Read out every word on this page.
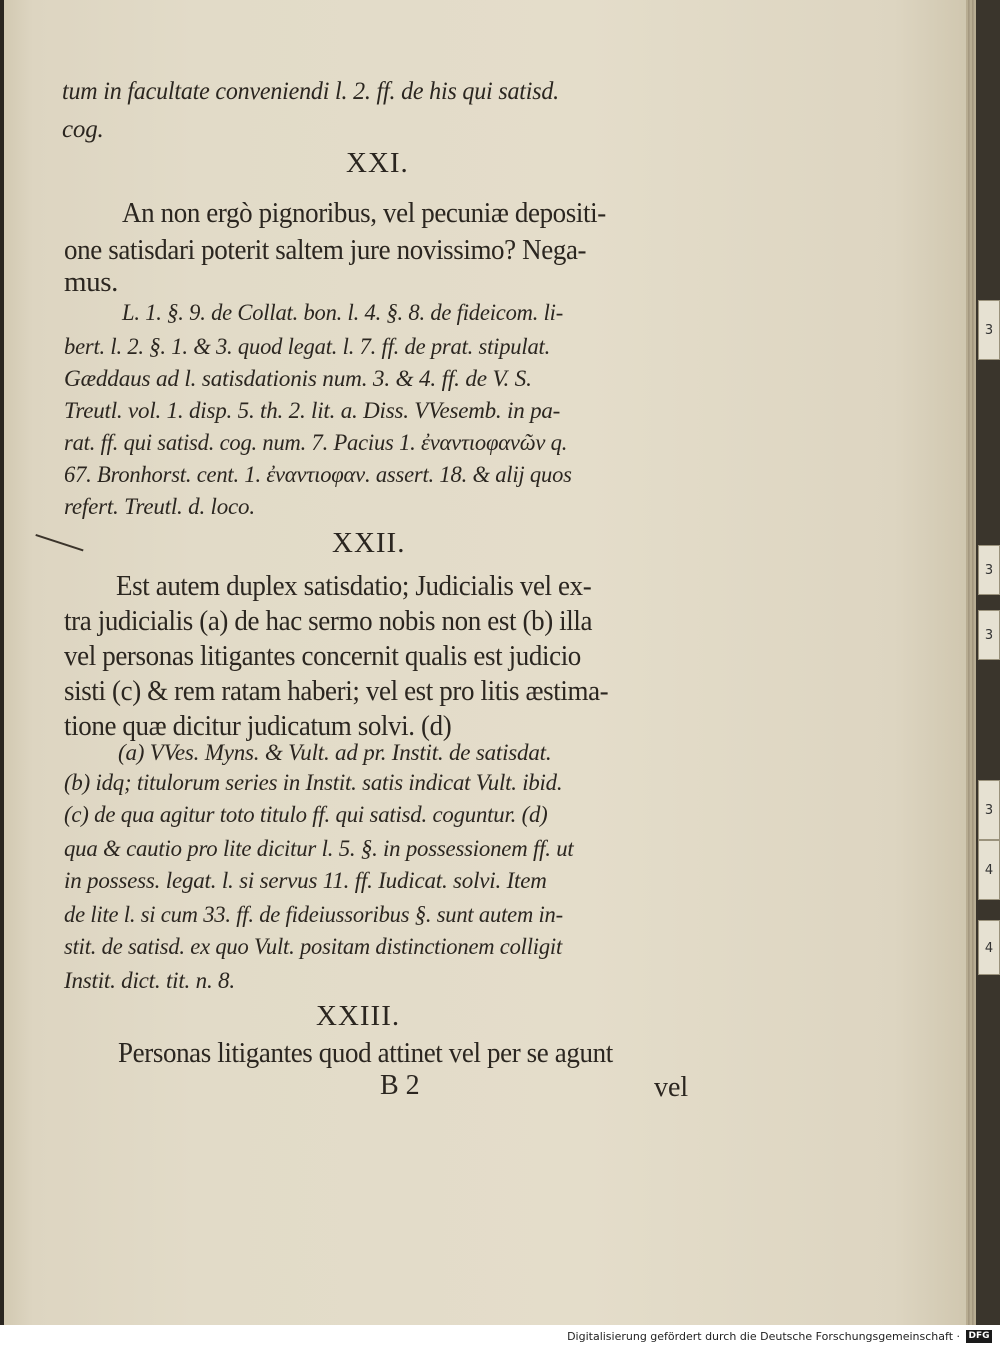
tum in facultate conveniendi l. 2. ff. de his qui satisd.
cog.
XXI.
An non ergò pignoribus, vel pecuniæ depositi-
one satisdari poterit saltem jure novissimo? Nega-
mus.
L. 1. §. 9. de Collat. bon. l. 4. §. 8. de fideicom. li-
bert. l. 2. §. 1. & 3. quod legat. l. 7. ff. de prat. stipulat.
Gæddaus ad l. satisdationis num. 3. & 4. ff. de V. S.
Treutl. vol. 1. disp. 5. th. 2. lit. a. Diss. VVesemb. in pa-
rat. ff. qui satisd. cog. num. 7. Pacius 1. ἐναντιοφανῶν q.
67. Bronhorst. cent. 1. ἐναντιοφαν. assert. 18. & alij quos
refert. Treutl. d. loco.
XXII.
Est autem duplex satisdatio; Judicialis vel ex-
tra judicialis (a) de hac sermo nobis non est (b) illa
vel personas litigantes concernit qualis est judicio
sisti (c) & rem ratam haberi; vel est pro litis æstima-
tione quæ dicitur judicatum solvi. (d)
(a) VVes. Myns. & Vult. ad pr. Instit. de satisdat.
(b) idq; titulorum series in Instit. satis indicat Vult. ibid.
(c) de qua agitur toto titulo ff. qui satisd. coguntur. (d)
qua & cautio pro lite dicitur l. 5. §. in possessionem ff. ut
in possess. legat. l. si servus 11. ff. Iudicat. solvi. Item
de lite l. si cum 33. ff. de fideiussoribus §. sunt autem in-
stit. de satisd. ex quo Vult. positam distinctionem colligit
Instit. dict. tit. n. 8.
XXIII.
Personas litigantes quod attinet vel per se agunt
B 2	vel
3
3
3
3
4
4
Digitalisierung gefördert durch die Deutsche Forschungsgemeinschaft · DFG
